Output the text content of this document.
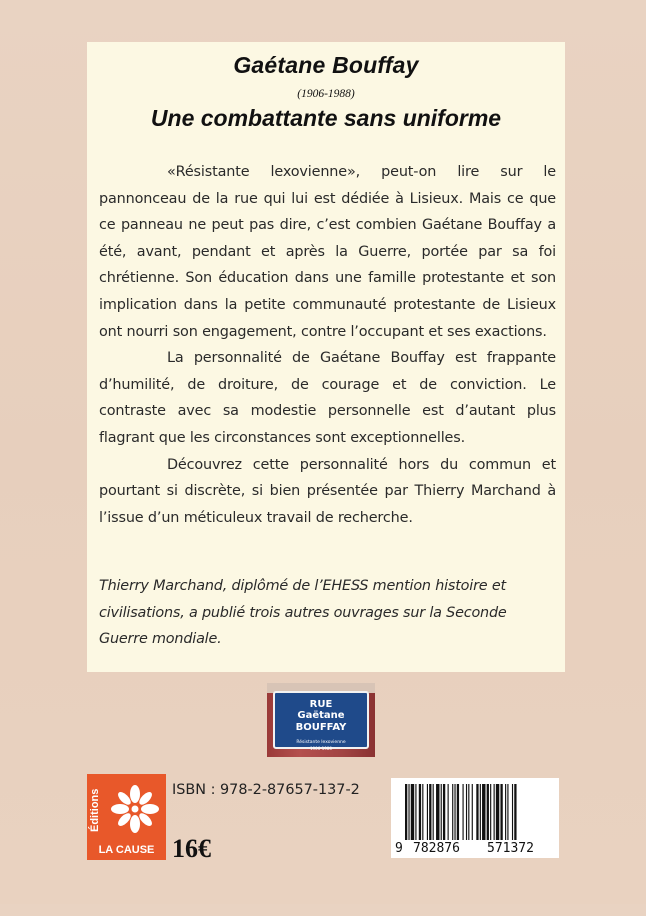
Gaétane Bouffay
(1906-1988)
Une combattante sans uniforme

«Résistante lexovienne», peut-on lire sur le pannonceau de la rue qui lui est dédiée à Lisieux. Mais ce que ce panneau ne peut pas dire, c’est combien Gaétane Bouffay a été, avant, pendant et après la Guerre, portée par sa foi chrétienne. Son éducation dans une famille protestante et son implication dans la petite communauté protestante de Lisieux ont nourri son engagement, contre l’occupant et ses exactions.

La personnalité de Gaétane Bouffay est frappante d’humilité, de droiture, de courage et de conviction. Le contraste avec sa modestie personnelle est d’autant plus flagrant que les circonstances sont exceptionnelles.

Découvrez cette personnalité hors du commun et pourtant si discrète, si bien présentée par Thierry Marchand à l’issue d’un méticuleux travail de recherche.

Thierry Marchand, diplômé de l’EHESS mention histoire et civilisations, a publié trois autres ouvrages sur la Seconde Guerre mondiale.

RUE
Gaëtane BOUFFAY
Résistante lexovienne
1906-1988
Éditions
LA CAUSE
ISBN : 978-2-87657-137-2
16€

	9

782876

571372
